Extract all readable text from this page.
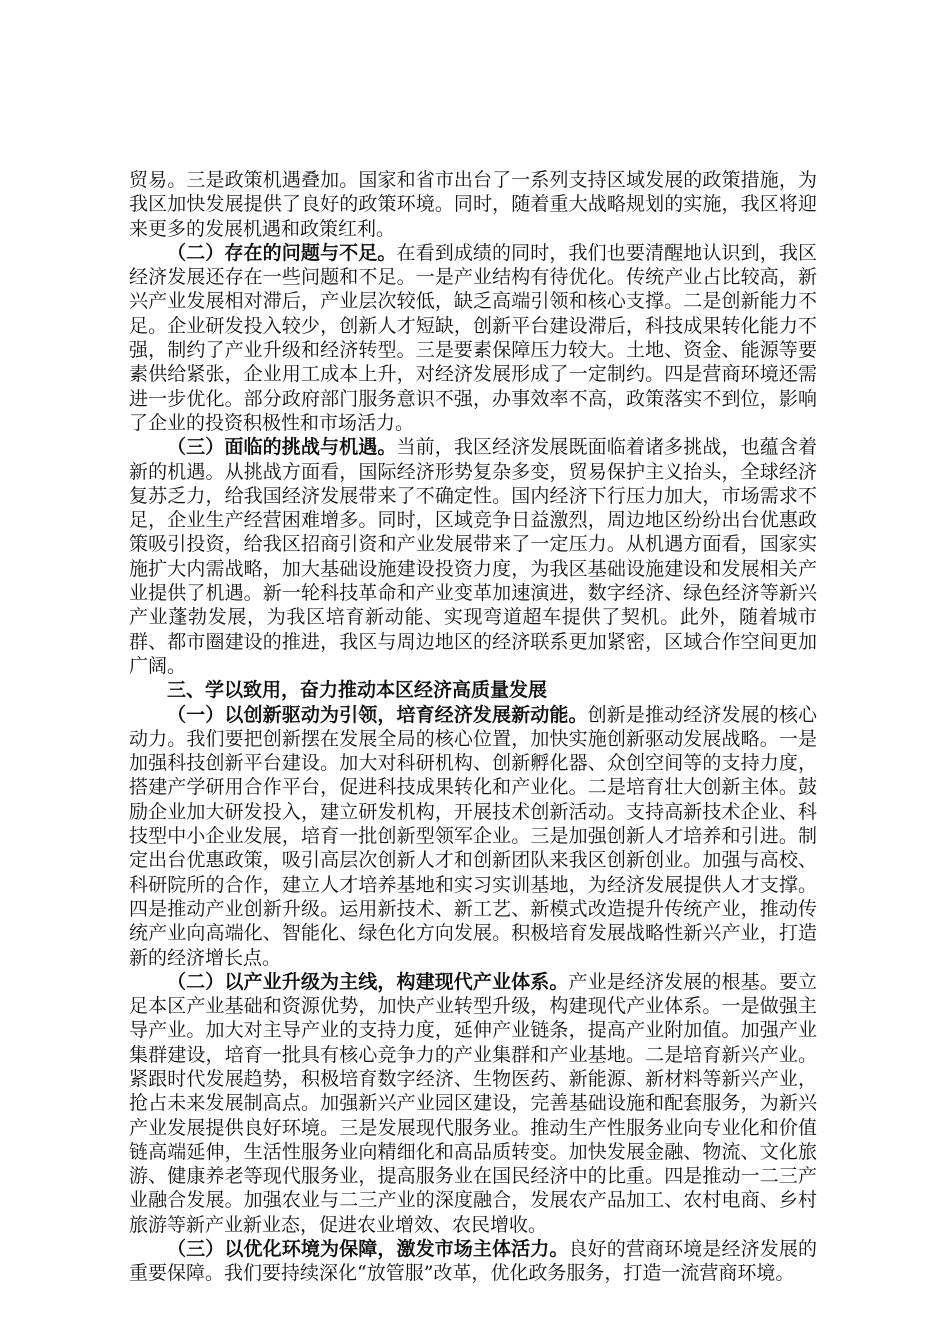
贸易。三是政策机遇叠加。国家和省市出台了一系列支持区域发展的政策措施，为我区加快发展提供了良好的政策环境。同时，随着重大战略规划的实施，我区将迎来更多的发展机遇和政策红利。

（二）存在的问题与不足。在看到成绩的同时，我们也要清醒地认识到，我区经济发展还存在一些问题和不足。一是产业结构有待优化。传统产业占比较高，新兴产业发展相对滞后，产业层次较低，缺乏高端引领和核心支撑。二是创新能力不足。企业研发投入较少，创新人才短缺，创新平台建设滞后，科技成果转化能力不强，制约了产业升级和经济转型。三是要素保障压力较大。土地、资金、能源等要素供给紧张，企业用工成本上升，对经济发展形成了一定制约。四是营商环境还需进一步优化。部分政府部门服务意识不强，办事效率不高，政策落实不到位，影响了企业的投资积极性和市场活力。

（三）面临的挑战与机遇。当前，我区经济发展既面临着诸多挑战，也蕴含着新的机遇。从挑战方面看，国际经济形势复杂多变，贸易保护主义抬头，全球经济复苏乏力，给我国经济发展带来了不确定性。国内经济下行压力加大，市场需求不足，企业生产经营困难增多。同时，区域竞争日益激烈，周边地区纷纷出台优惠政策吸引投资，给我区招商引资和产业发展带来了一定压力。从机遇方面看，国家实施扩大内需战略，加大基础设施建设投资力度，为我区基础设施建设和发展相关产业提供了机遇。新一轮科技革命和产业变革加速演进，数字经济、绿色经济等新兴产业蓬勃发展，为我区培育新动能、实现弯道超车提供了契机。此外，随着城市群、都市圈建设的推进，我区与周边地区的经济联系更加紧密，区域合作空间更加广阔。

三、学以致用，奋力推动本区经济高质量发展

（一）以创新驱动为引领，培育经济发展新动能。创新是推动经济发展的核心动力。我们要把创新摆在发展全局的核心位置，加快实施创新驱动发展战略。一是加强科技创新平台建设。加大对科研机构、创新孵化器、众创空间等的支持力度，搭建产学研用合作平台，促进科技成果转化和产业化。二是培育壮大创新主体。鼓励企业加大研发投入，建立研发机构，开展技术创新活动。支持高新技术企业、科技型中小企业发展，培育一批创新型领军企业。三是加强创新人才培养和引进。制定出台优惠政策，吸引高层次创新人才和创新团队来我区创新创业。加强与高校、科研院所的合作，建立人才培养基地和实习实训基地，为经济发展提供人才支撑。四是推动产业创新升级。运用新技术、新工艺、新模式改造提升传统产业，推动传统产业向高端化、智能化、绿色化方向发展。积极培育发展战略性新兴产业，打造新的经济增长点。

（二）以产业升级为主线，构建现代产业体系。产业是经济发展的根基。要立足本区产业基础和资源优势，加快产业转型升级，构建现代产业体系。一是做强主导产业。加大对主导产业的支持力度，延伸产业链条，提高产业附加值。加强产业集群建设，培育一批具有核心竞争力的产业集群和产业基地。二是培育新兴产业。紧跟时代发展趋势，积极培育数字经济、生物医药、新能源、新材料等新兴产业，抢占未来发展制高点。加强新兴产业园区建设，完善基础设施和配套服务，为新兴产业发展提供良好环境。三是发展现代服务业。推动生产性服务业向专业化和价值链高端延伸，生活性服务业向精细化和高品质转变。加快发展金融、物流、文化旅游、健康养老等现代服务业，提高服务业在国民经济中的比重。四是推动一二三产业融合发展。加强农业与二三产业的深度融合，发展农产品加工、农村电商、乡村旅游等新产业新业态，促进农业增效、农民增收。

（三）以优化环境为保障，激发市场主体活力。良好的营商环境是经济发展的重要保障。我们要持续深化“放管服”改革，优化政务服务，打造一流营商环境。
